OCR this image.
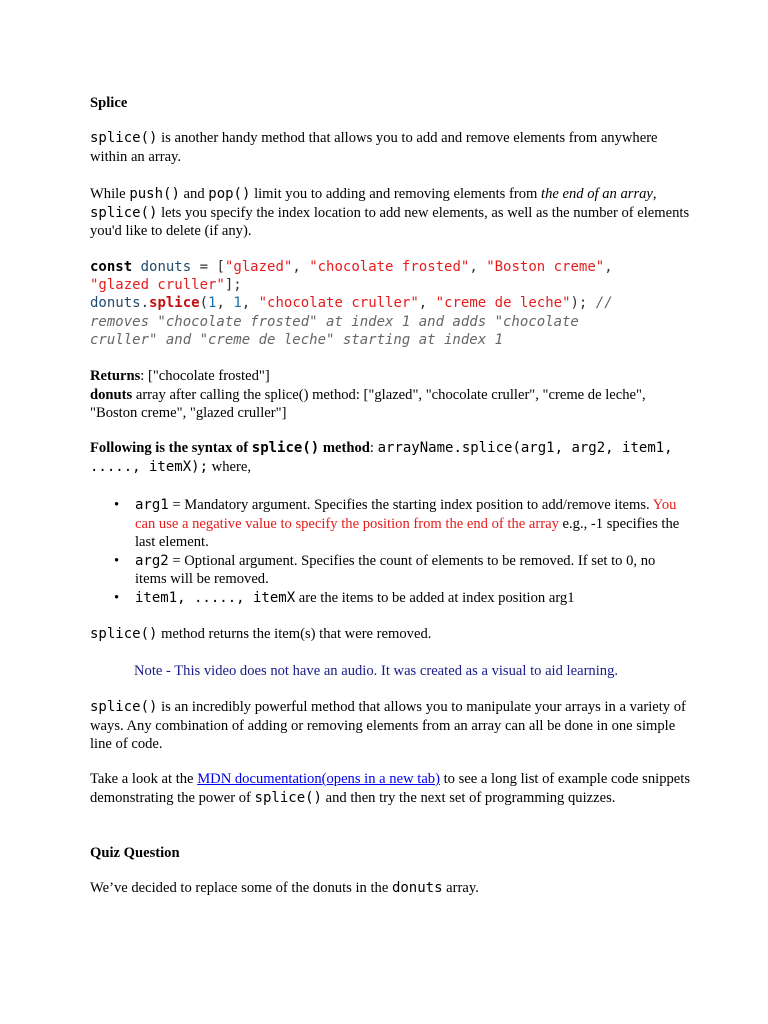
Splice
splice() is another handy method that allows you to add and remove elements from anywhere within an array.
While push() and pop() limit you to adding and removing elements from the end of an array, splice() lets you specify the index location to add new elements, as well as the number of elements you'd like to delete (if any).
const donuts = ["glazed", "chocolate frosted", "Boston creme",
"glazed cruller"];
donuts.splice(1, 1, "chocolate cruller", "creme de leche"); //
removes "chocolate frosted" at index 1 and adds "chocolate
cruller" and "creme de leche" starting at index 1
Returns: ["chocolate frosted"]
donuts array after calling the splice() method: ["glazed", "chocolate cruller", "creme de leche", "Boston creme", "glazed cruller"]
Following is the syntax of splice() method: arrayName.splice(arg1, arg2, item1, ....., itemX); where,
• arg1 = Mandatory argument. Specifies the starting index position to add/remove items. You can use a negative value to specify the position from the end of the array e.g., -1 specifies the last element.
• arg2 = Optional argument. Specifies the count of elements to be removed. If set to 0, no items will be removed.
• item1, ....., itemX are the items to be added at index position arg1
splice() method returns the item(s) that were removed.
Note - This video does not have an audio. It was created as a visual to aid learning.
splice() is an incredibly powerful method that allows you to manipulate your arrays in a variety of ways. Any combination of adding or removing elements from an array can all be done in one simple line of code.
Take a look at the MDN documentation(opens in a new tab) to see a long list of example code snippets demonstrating the power of splice() and then try the next set of programming quizzes.
Quiz Question
We’ve decided to replace some of the donuts in the donuts array.
